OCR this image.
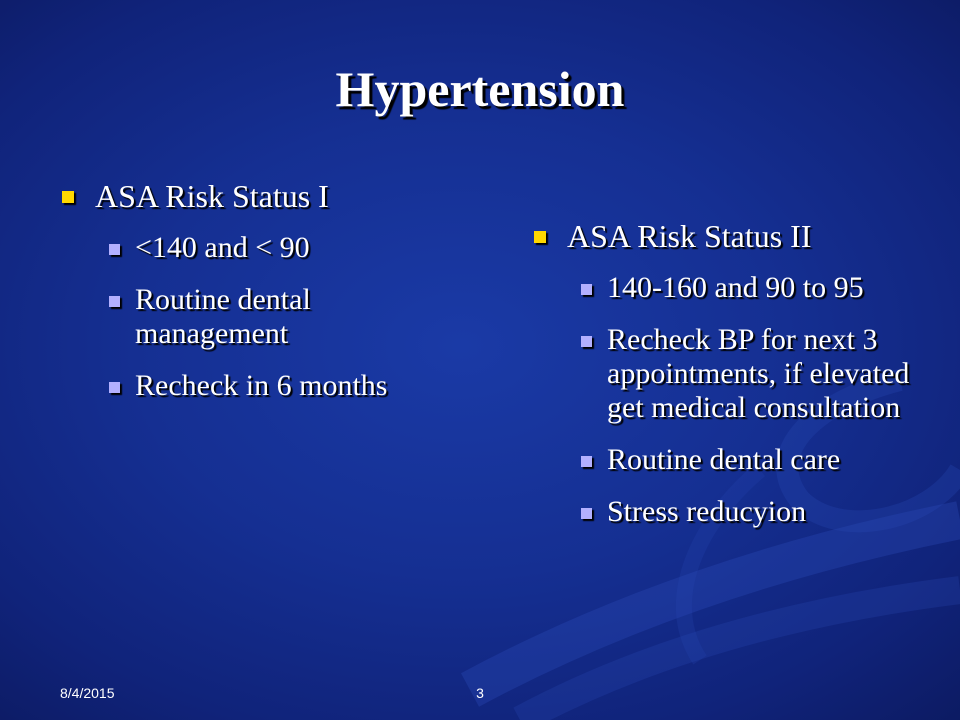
Hypertension
ASA Risk Status I
<140 and < 90
Routine dental management
Recheck in 6 months
ASA Risk Status II
140-160 and 90 to 95
Recheck BP for next 3 appointments, if elevated get medical consultation
Routine dental care
Stress reducyion
8/4/2015	3
